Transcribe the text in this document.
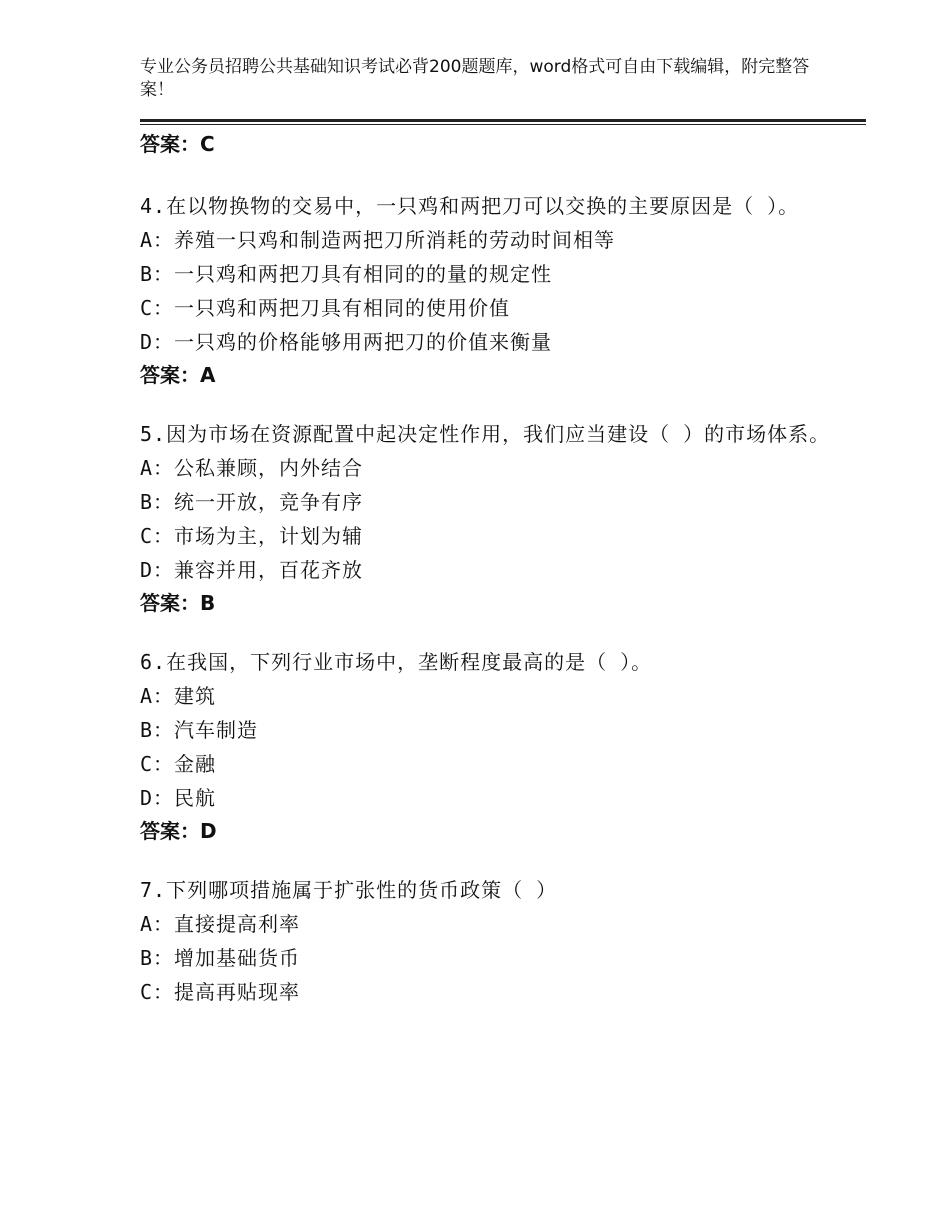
专业公务员招聘公共基础知识考试必背200题题库，word格式可自由下载编辑，附完整答案！
答案：C
4.在以物换物的交易中，一只鸡和两把刀可以交换的主要原因是（ ）。
A：养殖一只鸡和制造两把刀所消耗的劳动时间相等
B：一只鸡和两把刀具有相同的的量的规定性
C：一只鸡和两把刀具有相同的使用价值
D：一只鸡的价格能够用两把刀的价值来衡量
答案：A
5.因为市场在资源配置中起决定性作用，我们应当建设（ ）的市场体系。
A：公私兼顾，内外结合
B：统一开放，竞争有序
C：市场为主，计划为辅
D：兼容并用，百花齐放
答案：B
6.在我国，下列行业市场中，垄断程度最高的是（ ）。
A：建筑
B：汽车制造
C：金融
D：民航
答案：D
7.下列哪项措施属于扩张性的货币政策（ ）
A：直接提高利率
B：增加基础货币
C：提高再贴现率
